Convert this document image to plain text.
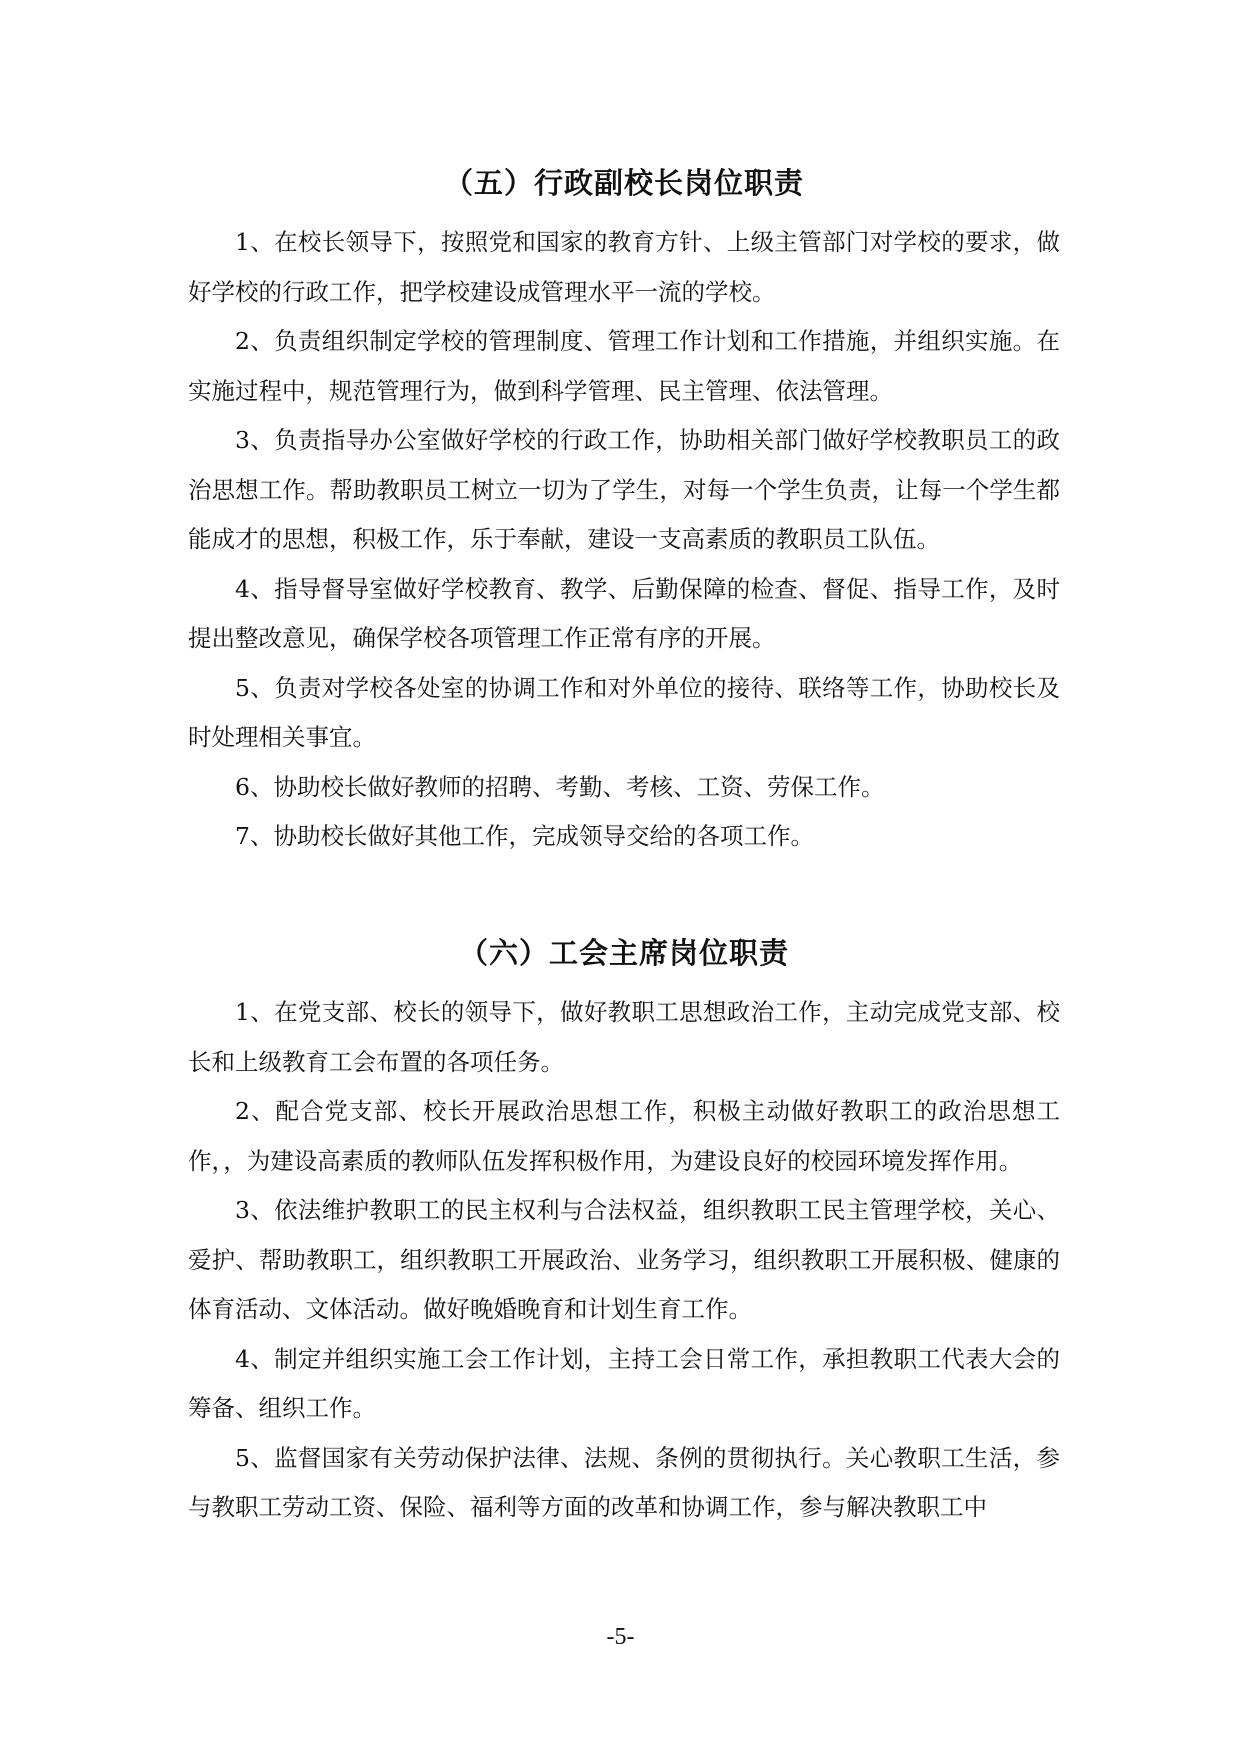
（五）行政副校长岗位职责

1、在校长领导下，按照党和国家的教育方针、上级主管部门对学校的要求，做好学校的行政工作，把学校建设成管理水平一流的学校。

2、负责组织制定学校的管理制度、管理工作计划和工作措施，并组织实施。在实施过程中，规范管理行为，做到科学管理、民主管理、依法管理。

3、负责指导办公室做好学校的行政工作，协助相关部门做好学校教职员工的政治思想工作。帮助教职员工树立一切为了学生，对每一个学生负责，让每一个学生都能成才的思想，积极工作，乐于奉献，建设一支高素质的教职员工队伍。

4、指导督导室做好学校教育、教学、后勤保障的检查、督促、指导工作，及时提出整改意见，确保学校各项管理工作正常有序的开展。

5、负责对学校各处室的协调工作和对外单位的接待、联络等工作，协助校长及时处理相关事宜。

6、协助校长做好教师的招聘、考勤、考核、工资、劳保工作。

7、协助校长做好其他工作，完成领导交给的各项工作。

（六）工会主席岗位职责

1、在党支部、校长的领导下，做好教职工思想政治工作，主动完成党支部、校长和上级教育工会布置的各项任务。

2、配合党支部、校长开展政治思想工作，积极主动做好教职工的政治思想工作，，为建设高素质的教师队伍发挥积极作用，为建设良好的校园环境发挥作用。

3、依法维护教职工的民主权利与合法权益，组织教职工民主管理学校，关心、爱护、帮助教职工，组织教职工开展政治、业务学习，组织教职工开展积极、健康的体育活动、文体活动。做好晚婚晚育和计划生育工作。

4、制定并组织实施工会工作计划，主持工会日常工作，承担教职工代表大会的筹备、组织工作。

5、监督国家有关劳动保护法律、法规、条例的贯彻执行。关心教职工生活，参与教职工劳动工资、保险、福利等方面的改革和协调工作，参与解决教职工中

-5-
